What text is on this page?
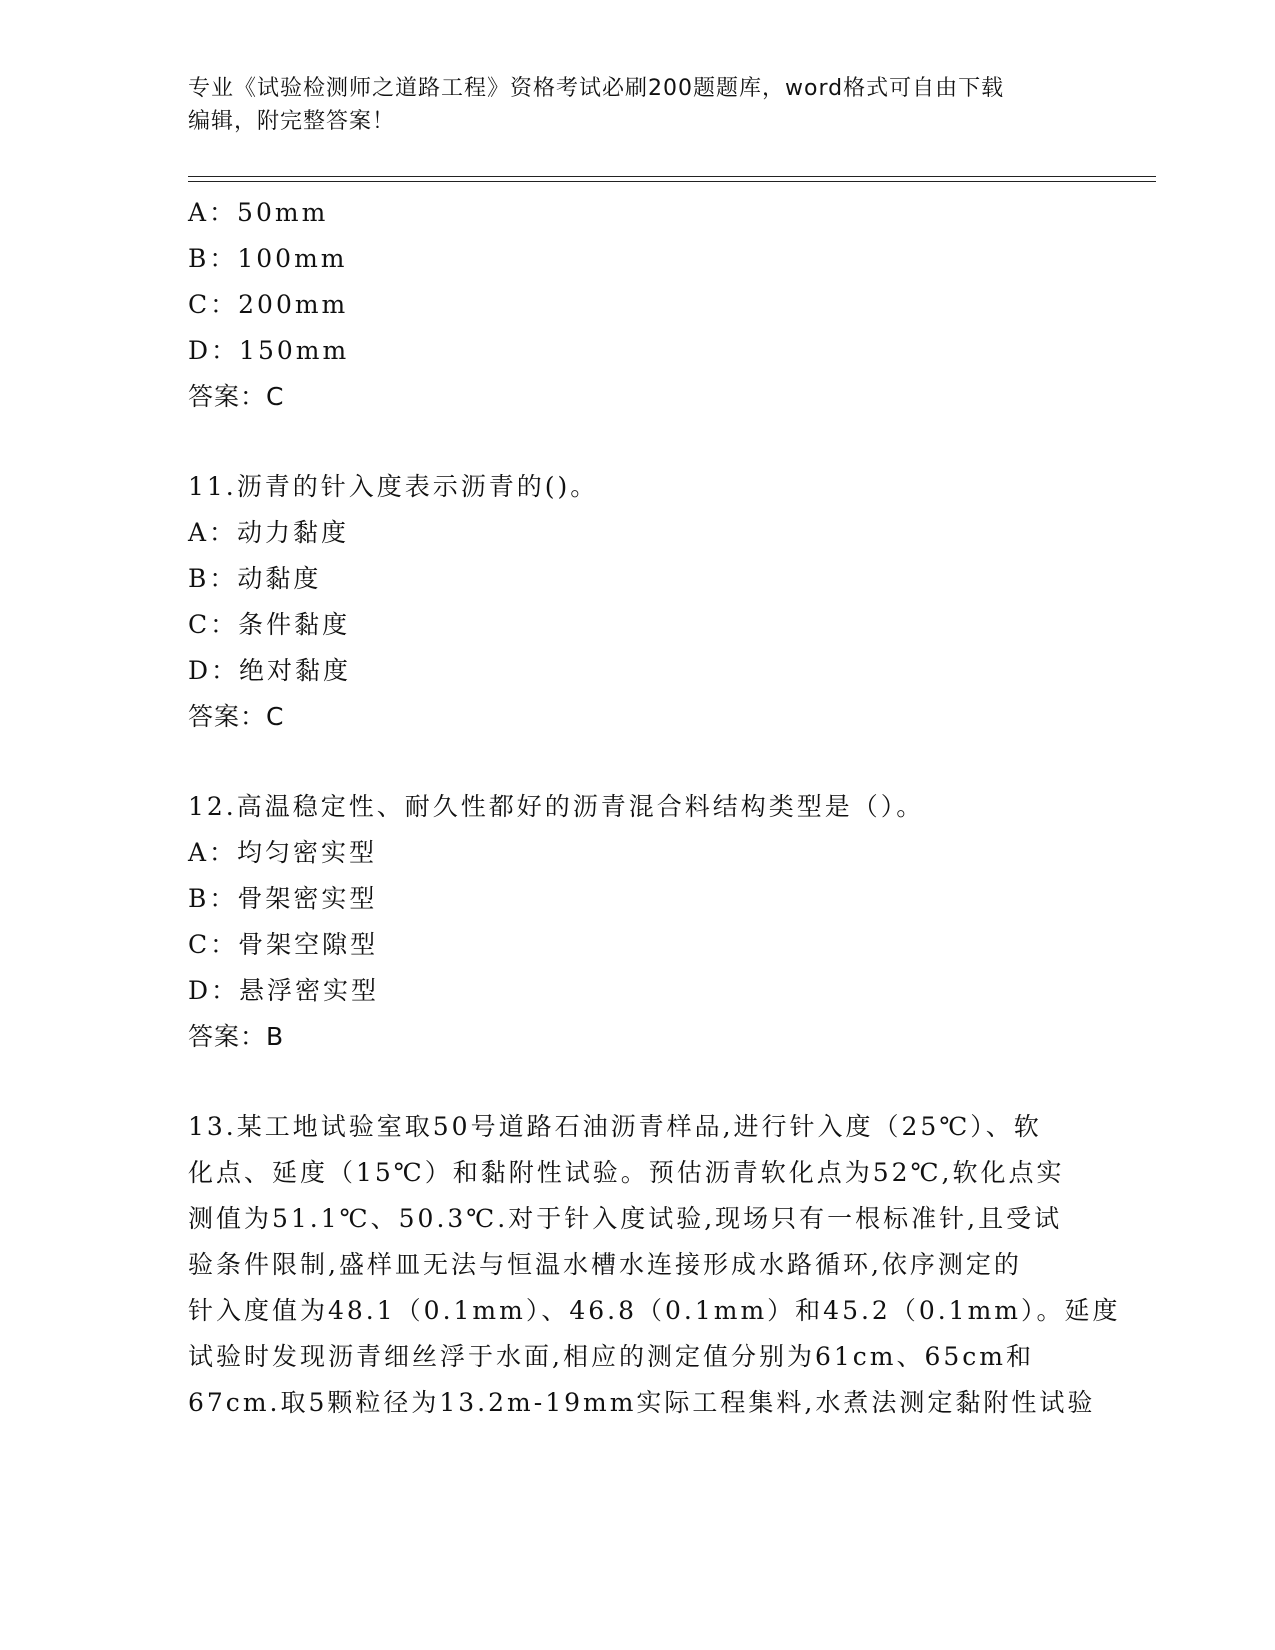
专业《试验检测师之道路工程》资格考试必刷200题题库，word格式可自由下载
编辑，附完整答案！
A：50mm
B：100mm
C：200mm
D：150mm
答案：C
11.沥青的针入度表示沥青的()。
A：动力黏度
B：动黏度
C：条件黏度
D：绝对黏度
答案：C
12.高温稳定性、耐久性都好的沥青混合料结构类型是（）。
A：均匀密实型
B：骨架密实型
C：骨架空隙型
D：悬浮密实型
答案：B
13.某工地试验室取50号道路石油沥青样品,进行针入度（25℃）、软
化点、延度（15℃）和黏附性试验。预估沥青软化点为52℃,软化点实
测值为51.1℃、50.3℃.对于针入度试验,现场只有一根标准针,且受试
验条件限制,盛样皿无法与恒温水槽水连接形成水路循环,依序测定的
针入度值为48.1（0.1mm）、46.8（0.1mm）和45.2（0.1mm）。延度
试验时发现沥青细丝浮于水面,相应的测定值分别为61cm、65cm和
67cm.取5颗粒径为13.2m-19mm实际工程集料,水煮法测定黏附性试验
